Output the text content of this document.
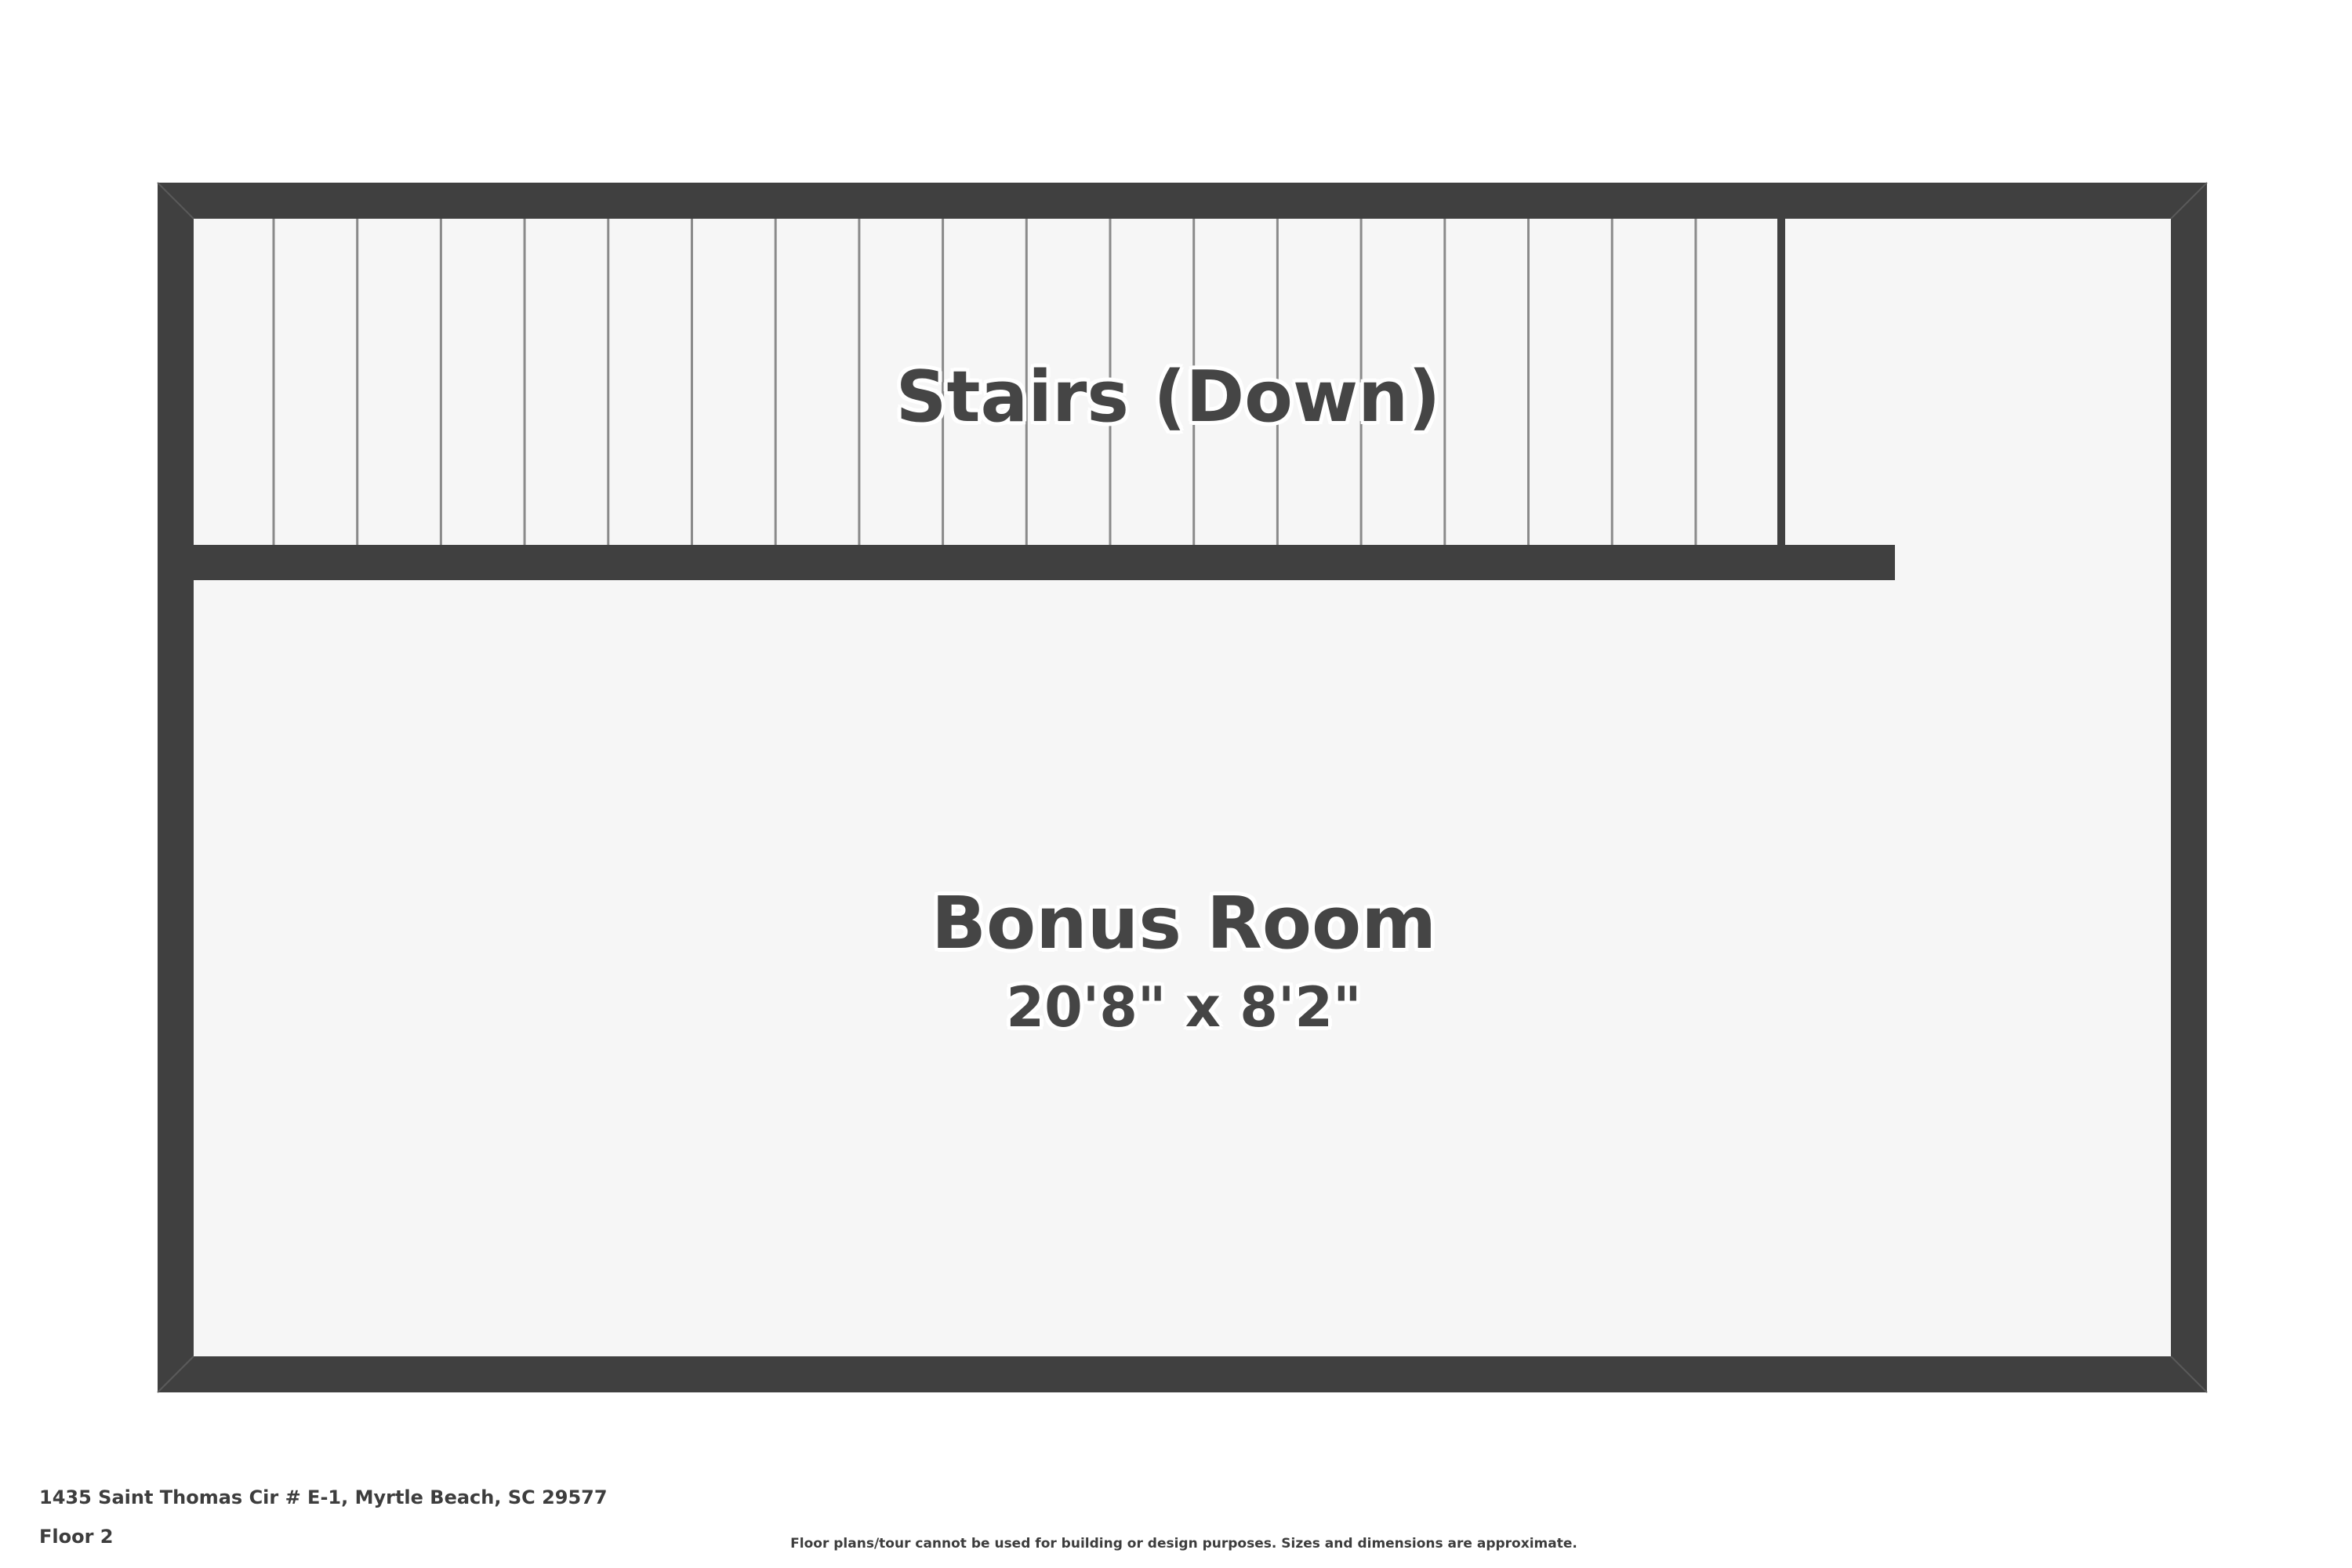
Stairs (Down)
Bonus Room
20'8" x 8'2"
1435 Saint Thomas Cir # E-1, Myrtle Beach, SC 29577
Floor 2	Floor plans/tour cannot be used for building or design purposes. Sizes and dimensions are approximate.
